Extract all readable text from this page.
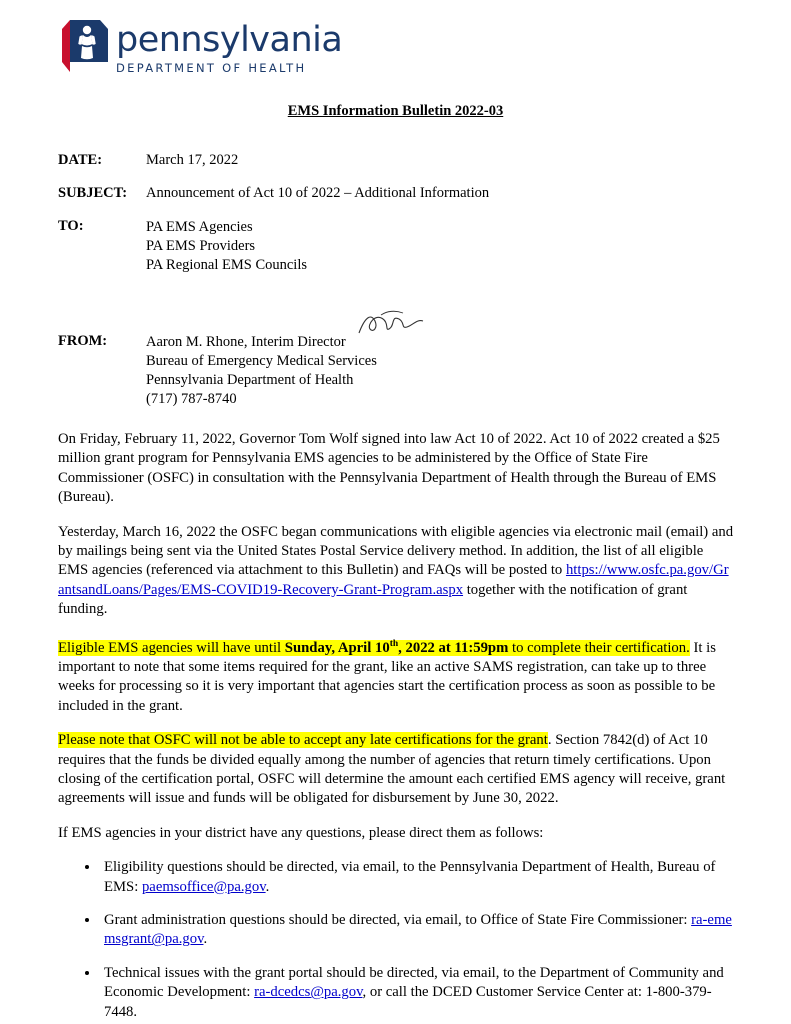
pennsylvania
DEPARTMENT OF HEALTH
EMS Information Bulletin 2022-03
DATE:	March 17, 2022
SUBJECT:	Announcement of Act 10 of 2022 – Additional Information
TO:	PA EMS Agencies
PA EMS Providers
PA Regional EMS Councils
FROM:	Aaron M. Rhone, Interim Director
Bureau of Emergency Medical Services
Pennsylvania Department of Health
(717) 787-8740

On Friday, February 11, 2022, Governor Tom Wolf signed into law Act 10 of 2022. Act 10 of 2022 created a $25 million grant program for Pennsylvania EMS agencies to be administered by the Office of State Fire Commissioner (OSFC) in consultation with the Pennsylvania Department of Health through the Bureau of EMS (Bureau).

Yesterday, March 16, 2022 the OSFC began communications with eligible agencies via electronic mail (email) and by mailings being sent via the United States Postal Service delivery method. In addition, the list of all eligible EMS agencies (referenced via attachment to this Bulletin) and FAQs will be posted to https://www.osfc.pa.gov/GrantsandLoans/Pages/EMS-COVID19-Recovery-Grant-Program.aspx together with the notification of grant funding.

Eligible EMS agencies will have until Sunday, April 10th, 2022 at 11:59pm to complete their certification. It is important to note that some items required for the grant, like an active SAMS registration, can take up to three weeks for processing so it is very important that agencies start the certification process as soon as possible to be included in the grant.

Please note that OSFC will not be able to accept any late certifications for the grant. Section 7842(d) of Act 10 requires that the funds be divided equally among the number of agencies that return timely certifications. Upon closing of the certification portal, OSFC will determine the amount each certified EMS agency will receive, grant agreements will issue and funds will be obligated for disbursement by June 30, 2022.

If EMS agencies in your district have any questions, please direct them as follows:

• Eligibility questions should be directed, via email, to the Pennsylvania Department of Health, Bureau of EMS: paemsoffice@pa.gov.
• Grant administration questions should be directed, via email, to Office of State Fire Commissioner: ra-ememsgrant@pa.gov.
• Technical issues with the grant portal should be directed, via email, to the Department of Community and Economic Development: ra-dcedcs@pa.gov, or call the DCED Customer Service Center at: 1-800-379-7448.
